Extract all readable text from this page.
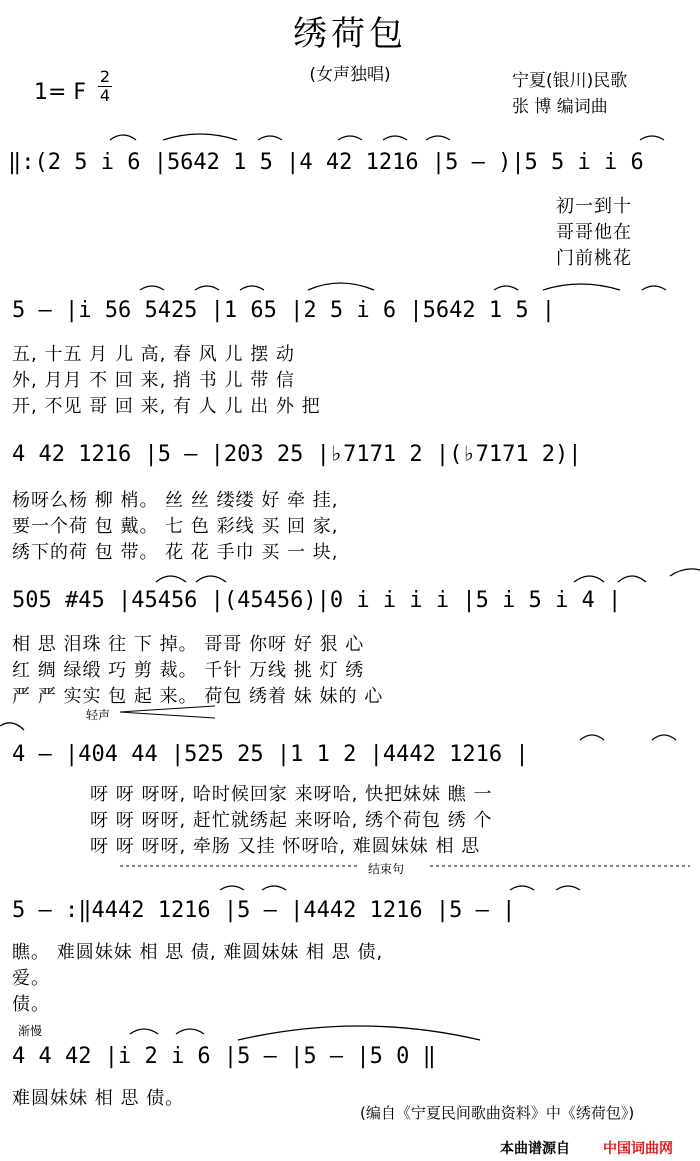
绣荷包
(女声独唱)
1= F
2
4
宁夏(银川)民歌
张 博 编词曲
‖:(2 5 i 6 |5642 1 5 |4 42 1216 |5 — )|5 5 i i 6
初一到十
哥哥他在
门前桃花
5 — |i 56 5425 |1 65 |2 5 i 6 |5642 1 5 |
五, 十五 月 儿 高, 春 风 儿 摆 动
外, 月月 不 回 来, 捎 书 儿 带 信
开, 不见 哥 回 来, 有 人 儿 出 外 把
4 42 1216 |5 — |203 25 |♭7171 2 |(♭7171 2)|
杨呀么杨 柳 梢。 丝 丝 缕缕 好 牵 挂,
要一个荷 包 戴。 七 色 彩线 买 回 家,
绣下的荷 包 带。 花 花 手巾 买 一 块,
505 #45 |45456 |(45456)|0 i i i i |5 i 5 i 4 |
相 思 泪珠 往 下 掉。 哥哥 你呀 好 狠 心
红 绸 绿缎 巧 剪 裁。 千针 万线 挑 灯 绣
严 严 实实 包 起 来。 荷包 绣着 妹 妹的 心
轻声
4 — |404 44 |525 25 |1 1 2 |4442 1216 |
呀 呀 呀呀, 哈时候回家 来呀哈, 快把妹妹 瞧 一
呀 呀 呀呀, 赶忙就绣起 来呀哈, 绣个荷包 绣 个
呀 呀 呀呀, 牵肠 又挂 怀呀哈, 难圆妹妹 相 思
结束句
5 — :‖4442 1216 |5 — |4442 1216 |5 — |
瞧。 难圆妹妹 相 思 债, 难圆妹妹 相 思 债,
爱。
债。
渐慢
4 4 42 |i 2 i 6 |5 — |5 — |5 0 ‖
难圆妹妹 相 思 债。
(编自《宁夏民间歌曲资料》中《绣荷包》)
本曲谱源自 中国词曲网
